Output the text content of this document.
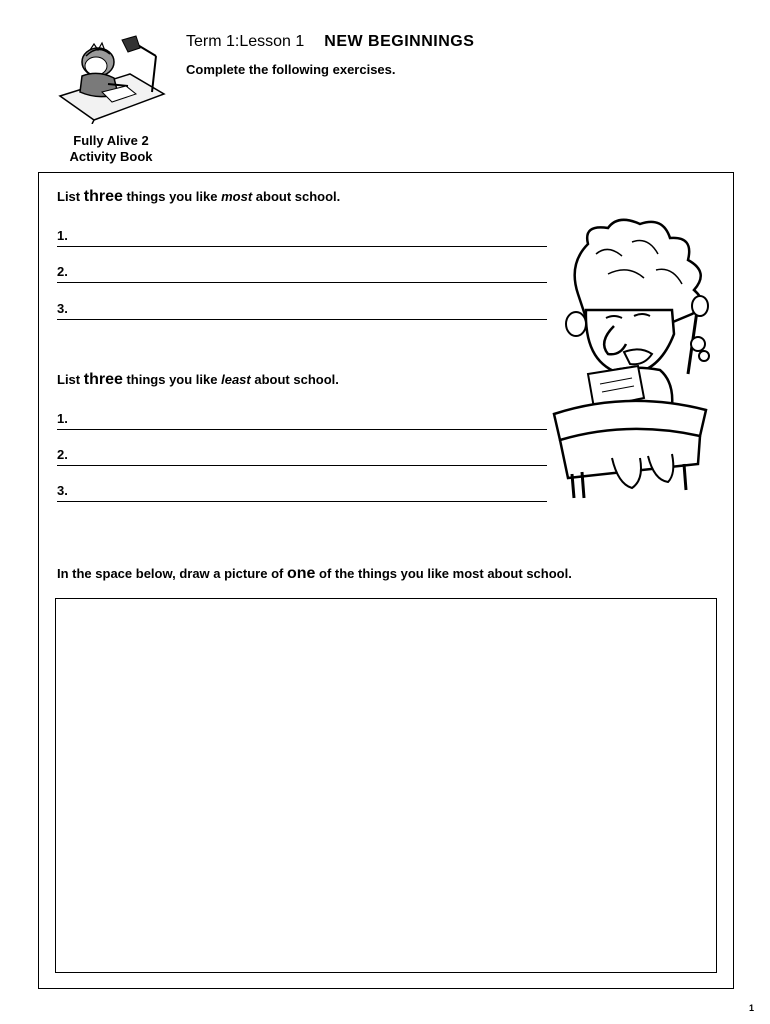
Fully Alive 2
Activity Book
Term 1:Lesson 1 NEW BEGINNINGS
Complete the following exercises.
List three things you like most about school.
1.
2.
3.
List three things you like least about school.
1.
2.
3.
In the space below, draw a picture of one of the things you like most about school.
1
